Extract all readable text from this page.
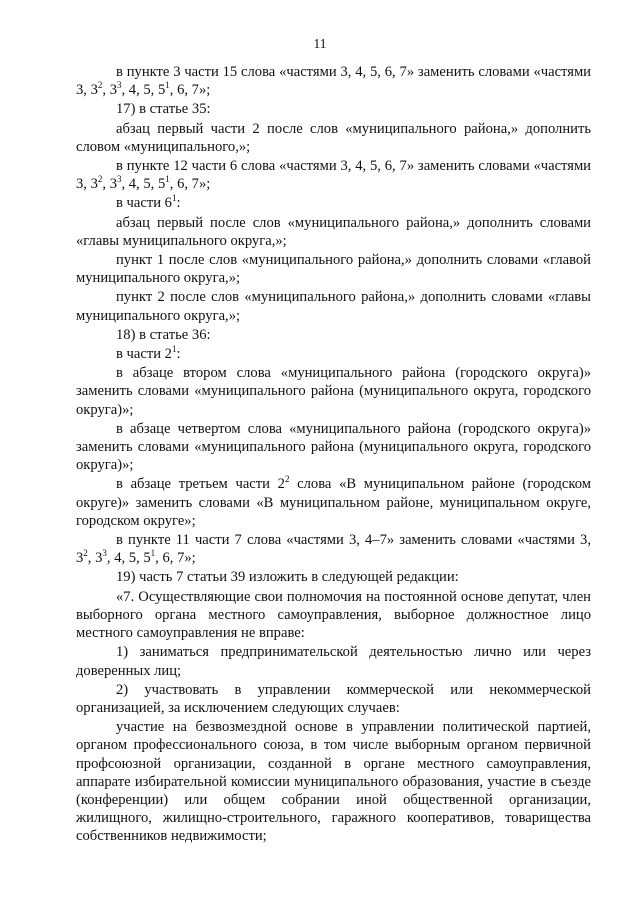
11

в пункте 3 части 15 слова «частями 3, 4, 5, 6, 7» заменить словами «частями 3, $3^2$, $3^3$, 4, 5, $5^1$, 6, 7»;

17) в статье 35:

абзац первый части 2 после слов «муниципального района,» дополнить словом «муниципального,»;

в пункте 12 части 6 слова «частями 3, 4, 5, 6, 7» заменить словами «частями 3, $3^2$, $3^3$, 4, 5, $5^1$, 6, 7»;

в части $6^1$:

абзац первый после слов «муниципального района,» дополнить словами «главы муниципального округа,»;

пункт 1 после слов «муниципального района,» дополнить словами «главой муниципального округа,»;

пункт 2 после слов «муниципального района,» дополнить словами «главы муниципального округа,»;

18) в статье 36:

в части $2^1$:

в абзаце втором слова «муниципального района (городского округа)» заменить словами «муниципального района (муниципального округа, городского округа)»;

в абзаце четвертом слова «муниципального района (городского округа)» заменить словами «муниципального района (муниципального округа, городского округа)»;

в абзаце третьем части $2^2$ слова «В муниципальном районе (городском округе)» заменить словами «В муниципальном районе, муниципальном округе, городском округе»;

в пункте 11 части 7 слова «частями 3, 4–7» заменить словами «частями 3, $3^2$, $3^3$, 4, 5, $5^1$, 6, 7»;

19) часть 7 статьи 39 изложить в следующей редакции:

«7. Осуществляющие свои полномочия на постоянной основе депутат, член выборного органа местного самоуправления, выборное должностное лицо местного самоуправления не вправе:

1) заниматься предпринимательской деятельностью лично или через доверенных лиц;

2) участвовать в управлении коммерческой или некоммерческой организацией, за исключением следующих случаев:

участие на безвозмездной основе в управлении политической партией, органом профессионального союза, в том числе выборным органом первичной профсоюзной организации, созданной в органе местного самоуправления, аппарате избирательной комиссии муниципального образования, участие в съезде (конференции) или общем собрании иной общественной организации, жилищного, жилищно-строительного, гаражного кооперативов, товарищества собственников недвижимости;
